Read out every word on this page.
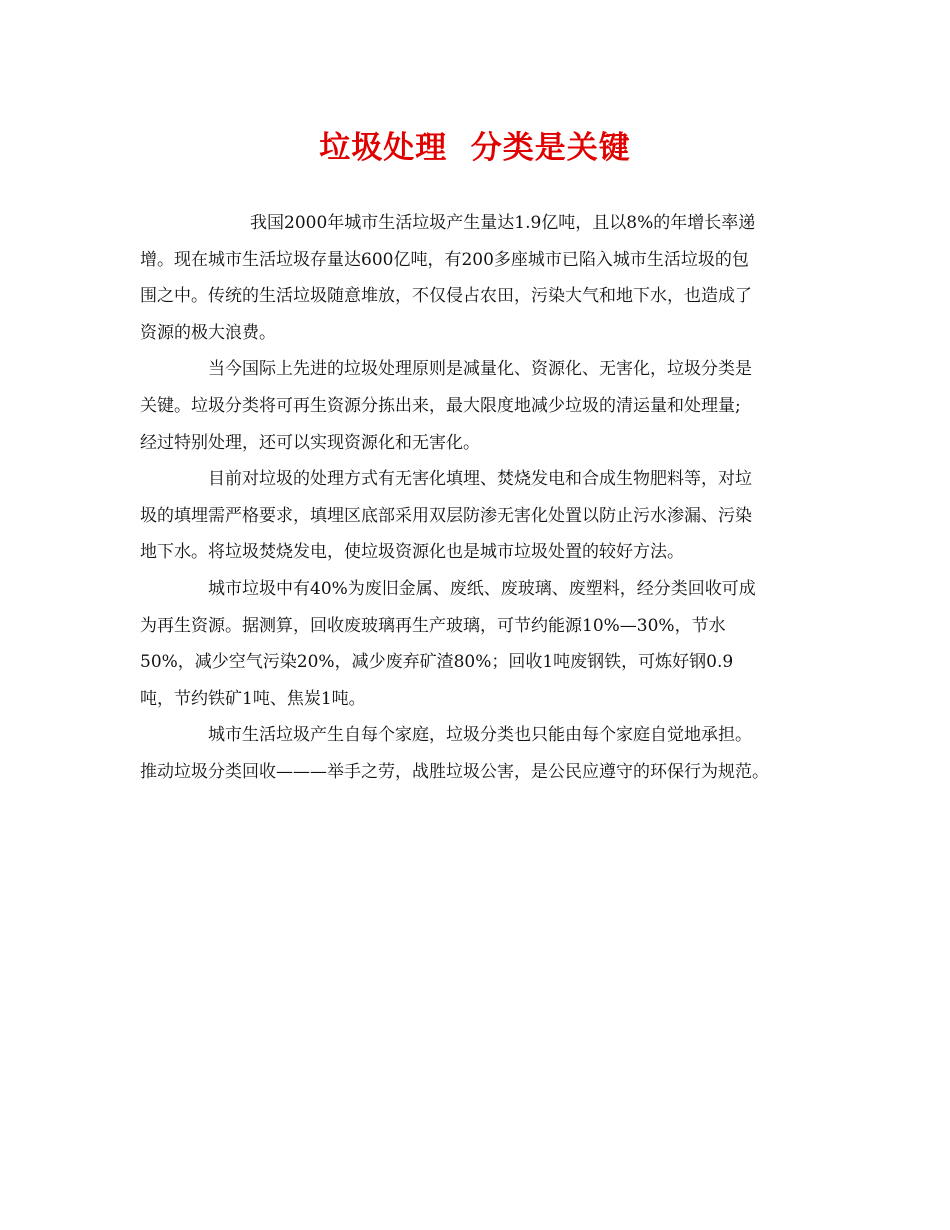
垃圾处理  分类是关键
我国2000年城市生活垃圾产生量达1.9亿吨，且以8%的年增长率递
增。现在城市生活垃圾存量达600亿吨，有200多座城市已陷入城市生活垃圾的包
围之中。传统的生活垃圾随意堆放，不仅侵占农田，污染大气和地下水，也造成了
资源的极大浪费。
当今国际上先进的垃圾处理原则是减量化、资源化、无害化，垃圾分类是
关键。垃圾分类将可再生资源分拣出来，最大限度地减少垃圾的清运量和处理量;
经过特别处理，还可以实现资源化和无害化。
目前对垃圾的处理方式有无害化填埋、焚烧发电和合成生物肥料等，对垃
圾的填埋需严格要求，填埋区底部采用双层防渗无害化处置以防止污水渗漏、污染
地下水。将垃圾焚烧发电，使垃圾资源化也是城市垃圾处置的较好方法。
城市垃圾中有40%为废旧金属、废纸、废玻璃、废塑料，经分类回收可成
为再生资源。据测算，回收废玻璃再生产玻璃，可节约能源10%—30%，节水
50%，减少空气污染20%，减少废弃矿渣80%；回收1吨废钢铁，可炼好钢0.9
吨，节约铁矿1吨、焦炭1吨。
城市生活垃圾产生自每个家庭，垃圾分类也只能由每个家庭自觉地承担。
推动垃圾分类回收———举手之劳，战胜垃圾公害，是公民应遵守的环保行为规范。
